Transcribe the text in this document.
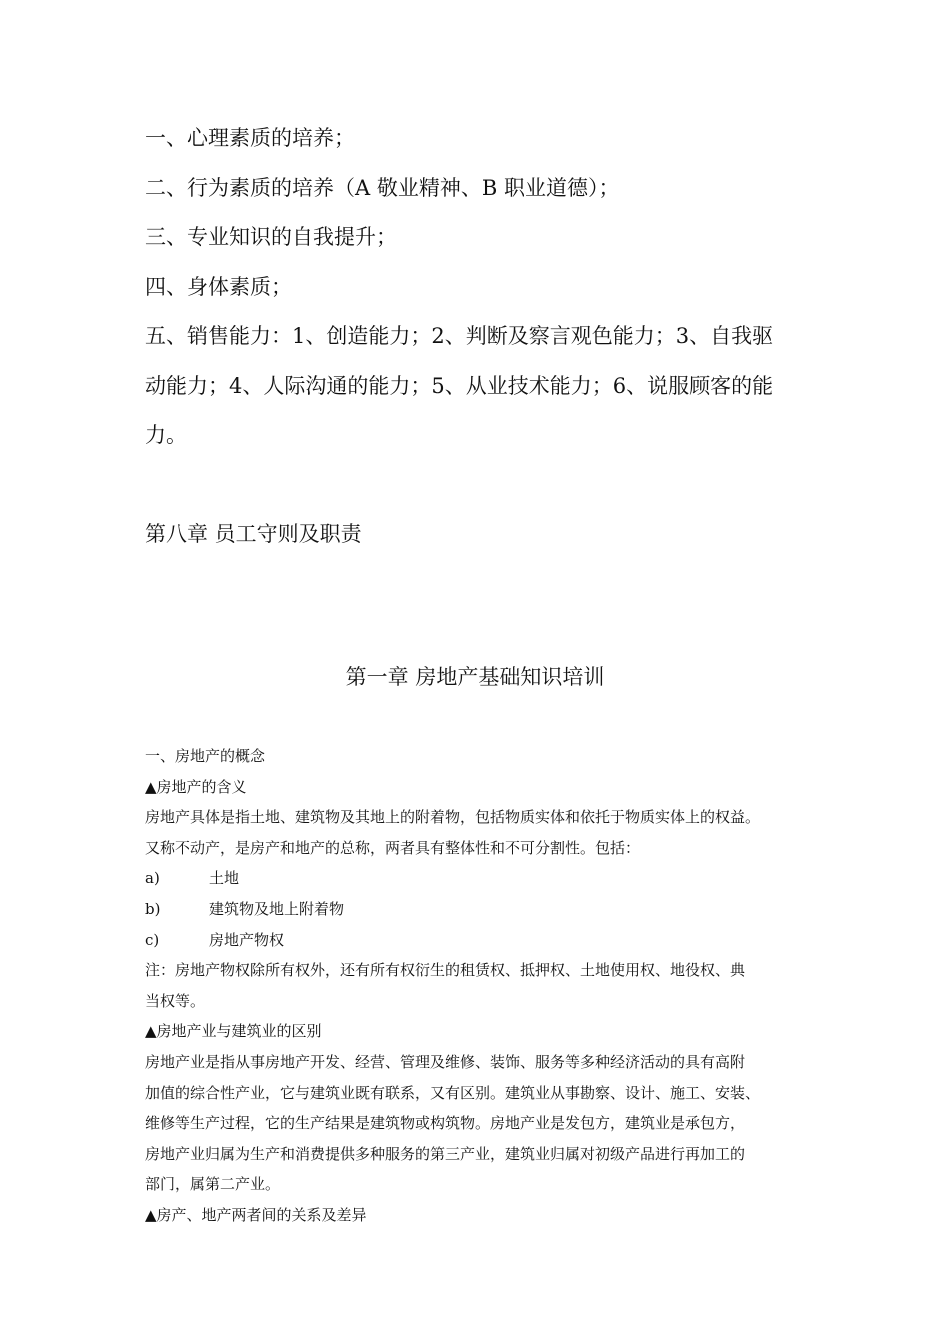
一、心理素质的培养；

二、行为素质的培养（A 敬业精神、B 职业道德）；

三、专业知识的自我提升；

四、身体素质；

五、销售能力：1、创造能力；2、判断及察言观色能力；3、自我驱

动能力；4、人际沟通的能力；5、从业技术能力；6、说服顾客的能

力。

第八章 员工守则及职责

第一章 房地产基础知识培训

一、房地产的概念

▲房地产的含义

房地产具体是指土地、建筑物及其地上的附着物，包括物质实体和依托于物质实体上的权益。

又称不动产，是房产和地产的总称，两者具有整体性和不可分割性。包括：

a)	土地

b)	建筑物及地上附着物

c)	房地产物权

注：房地产物权除所有权外，还有所有权衍生的租赁权、抵押权、土地使用权、地役权、典

当权等。

▲房地产业与建筑业的区别

房地产业是指从事房地产开发、经营、管理及维修、装饰、服务等多种经济活动的具有高附

加值的综合性产业，它与建筑业既有联系，又有区别。建筑业从事勘察、设计、施工、安装、

维修等生产过程，它的生产结果是建筑物或构筑物。房地产业是发包方，建筑业是承包方，

房地产业归属为生产和消费提供多种服务的第三产业，建筑业归属对初级产品进行再加工的

部门，属第二产业。

▲房产、地产两者间的关系及差异
